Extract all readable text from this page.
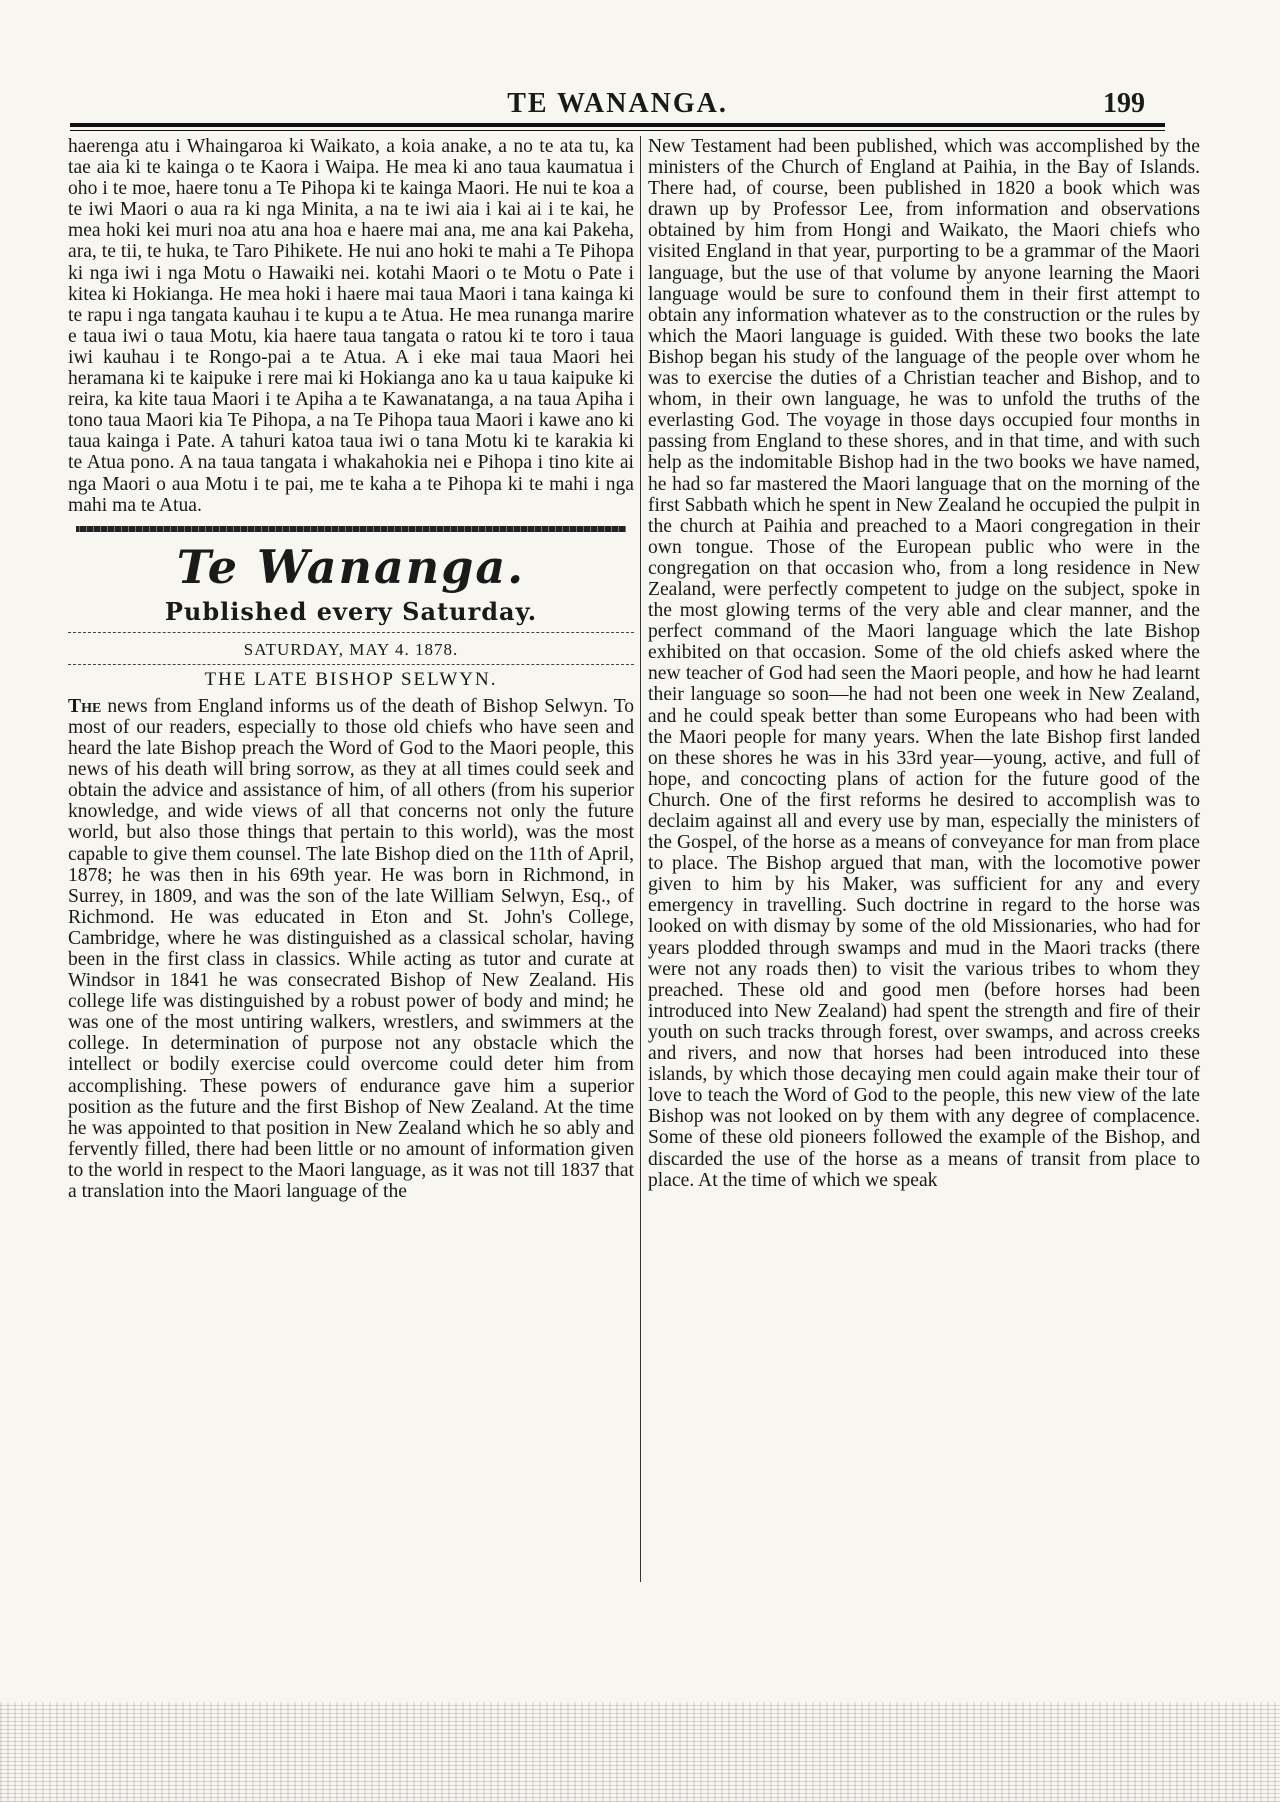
TE WANANGA.	199

haerenga atu i Whaingaroa ki Waikato, a koia anake, a no te ata tu, ka tae aia ki te kainga o te Kaora i Waipa. He mea ki ano taua kaumatua i oho i te moe, haere tonu a Te Pihopa ki te kainga Maori. He nui te koa a te iwi Maori o aua ra ki nga Minita, a na te iwi aia i kai ai i te kai, he mea hoki kei muri noa atu ana hoa e haere mai ana, me ana kai Pakeha, ara, te tii, te huka, te Taro Pihikete. He nui ano hoki te mahi a Te Pihopa ki nga iwi i nga Motu o Hawaiki nei. kotahi Maori o te Motu o Pate i kitea ki Hokianga. He mea hoki i haere mai taua Maori i tana kainga ki te rapu i nga tangata kauhau i te kupu a te Atua. He mea runanga marire e taua iwi o taua Motu, kia haere taua tangata o ratou ki te toro i taua iwi kauhau i te Rongo-pai a te Atua. A i eke mai taua Maori hei heramana ki te kaipuke i rere mai ki Hokianga ano ka u taua kaipuke ki reira, ka kite taua Maori i te Apiha a te Kawanatanga, a na taua Apiha i tono taua Maori kia Te Pihopa, a na Te Pihopa taua Maori i kawe ano ki taua kainga i Pate. A tahuri katoa taua iwi o tana Motu ki te karakia ki te Atua pono. A na taua tangata i whakahokia nei e Pihopa i tino kite ai nga Maori o aua Motu i te pai, me te kaha a te Pihopa ki te mahi i nga mahi ma te Atua.

Te Wananga.
Published every Saturday.
SATURDAY, MAY 4. 1878.
THE LATE BISHOP SELWYN.

The news from England informs us of the death of Bishop Selwyn. To most of our readers, especially to those old chiefs who have seen and heard the late Bishop preach the Word of God to the Maori people, this news of his death will bring sorrow, as they at all times could seek and obtain the advice and assistance of him, of all others (from his superior knowledge, and wide views of all that concerns not only the future world, but also those things that pertain to this world), was the most capable to give them counsel. The late Bishop died on the 11th of April, 1878; he was then in his 69th year. He was born in Richmond, in Surrey, in 1809, and was the son of the late William Selwyn, Esq., of Richmond. He was educated in Eton and St. John's College, Cambridge, where he was distinguished as a classical scholar, having been in the first class in classics. While acting as tutor and curate at Windsor in 1841 he was consecrated Bishop of New Zealand. His college life was distinguished by a robust power of body and mind; he was one of the most untiring walkers, wrestlers, and swimmers at the college. In determination of purpose not any obstacle which the intellect or bodily exercise could overcome could deter him from accomplishing. These powers of endurance gave him a superior position as the future and the first Bishop of New Zealand. At the time he was appointed to that position in New Zealand which he so ably and fervently filled, there had been little or no amount of information given to the world in respect to the Maori language, as it was not till 1837 that a translation into the Maori language of the

New Testament had been published, which was accomplished by the ministers of the Church of England at Paihia, in the Bay of Islands. There had, of course, been published in 1820 a book which was drawn up by Professor Lee, from information and observations obtained by him from Hongi and Waikato, the Maori chiefs who visited England in that year, purporting to be a grammar of the Maori language, but the use of that volume by anyone learning the Maori language would be sure to confound them in their first attempt to obtain any information whatever as to the construction or the rules by which the Maori language is guided. With these two books the late Bishop began his study of the language of the people over whom he was to exercise the duties of a Christian teacher and Bishop, and to whom, in their own language, he was to unfold the truths of the everlasting God. The voyage in those days occupied four months in passing from England to these shores, and in that time, and with such help as the indomitable Bishop had in the two books we have named, he had so far mastered the Maori language that on the morning of the first Sabbath which he spent in New Zealand he occupied the pulpit in the church at Paihia and preached to a Maori congregation in their own tongue. Those of the European public who were in the congregation on that occasion who, from a long residence in New Zealand, were perfectly competent to judge on the subject, spoke in the most glowing terms of the very able and clear manner, and the perfect command of the Maori language which the late Bishop exhibited on that occasion. Some of the old chiefs asked where the new teacher of God had seen the Maori people, and how he had learnt their language so soon—he had not been one week in New Zealand, and he could speak better than some Europeans who had been with the Maori people for many years. When the late Bishop first landed on these shores he was in his 33rd year—young, active, and full of hope, and concocting plans of action for the future good of the Church. One of the first reforms he desired to accomplish was to declaim against all and every use by man, especially the ministers of the Gospel, of the horse as a means of conveyance for man from place to place. The Bishop argued that man, with the locomotive power given to him by his Maker, was sufficient for any and every emergency in travelling. Such doctrine in regard to the horse was looked on with dismay by some of the old Missionaries, who had for years plodded through swamps and mud in the Maori tracks (there were not any roads then) to visit the various tribes to whom they preached. These old and good men (before horses had been introduced into New Zealand) had spent the strength and fire of their youth on such tracks through forest, over swamps, and across creeks and rivers, and now that horses had been introduced into these islands, by which those decaying men could again make their tour of love to teach the Word of God to the people, this new view of the late Bishop was not looked on by them with any degree of complacence. Some of these old pioneers followed the example of the Bishop, and discarded the use of the horse as a means of transit from place to place. At the time of which we speak
